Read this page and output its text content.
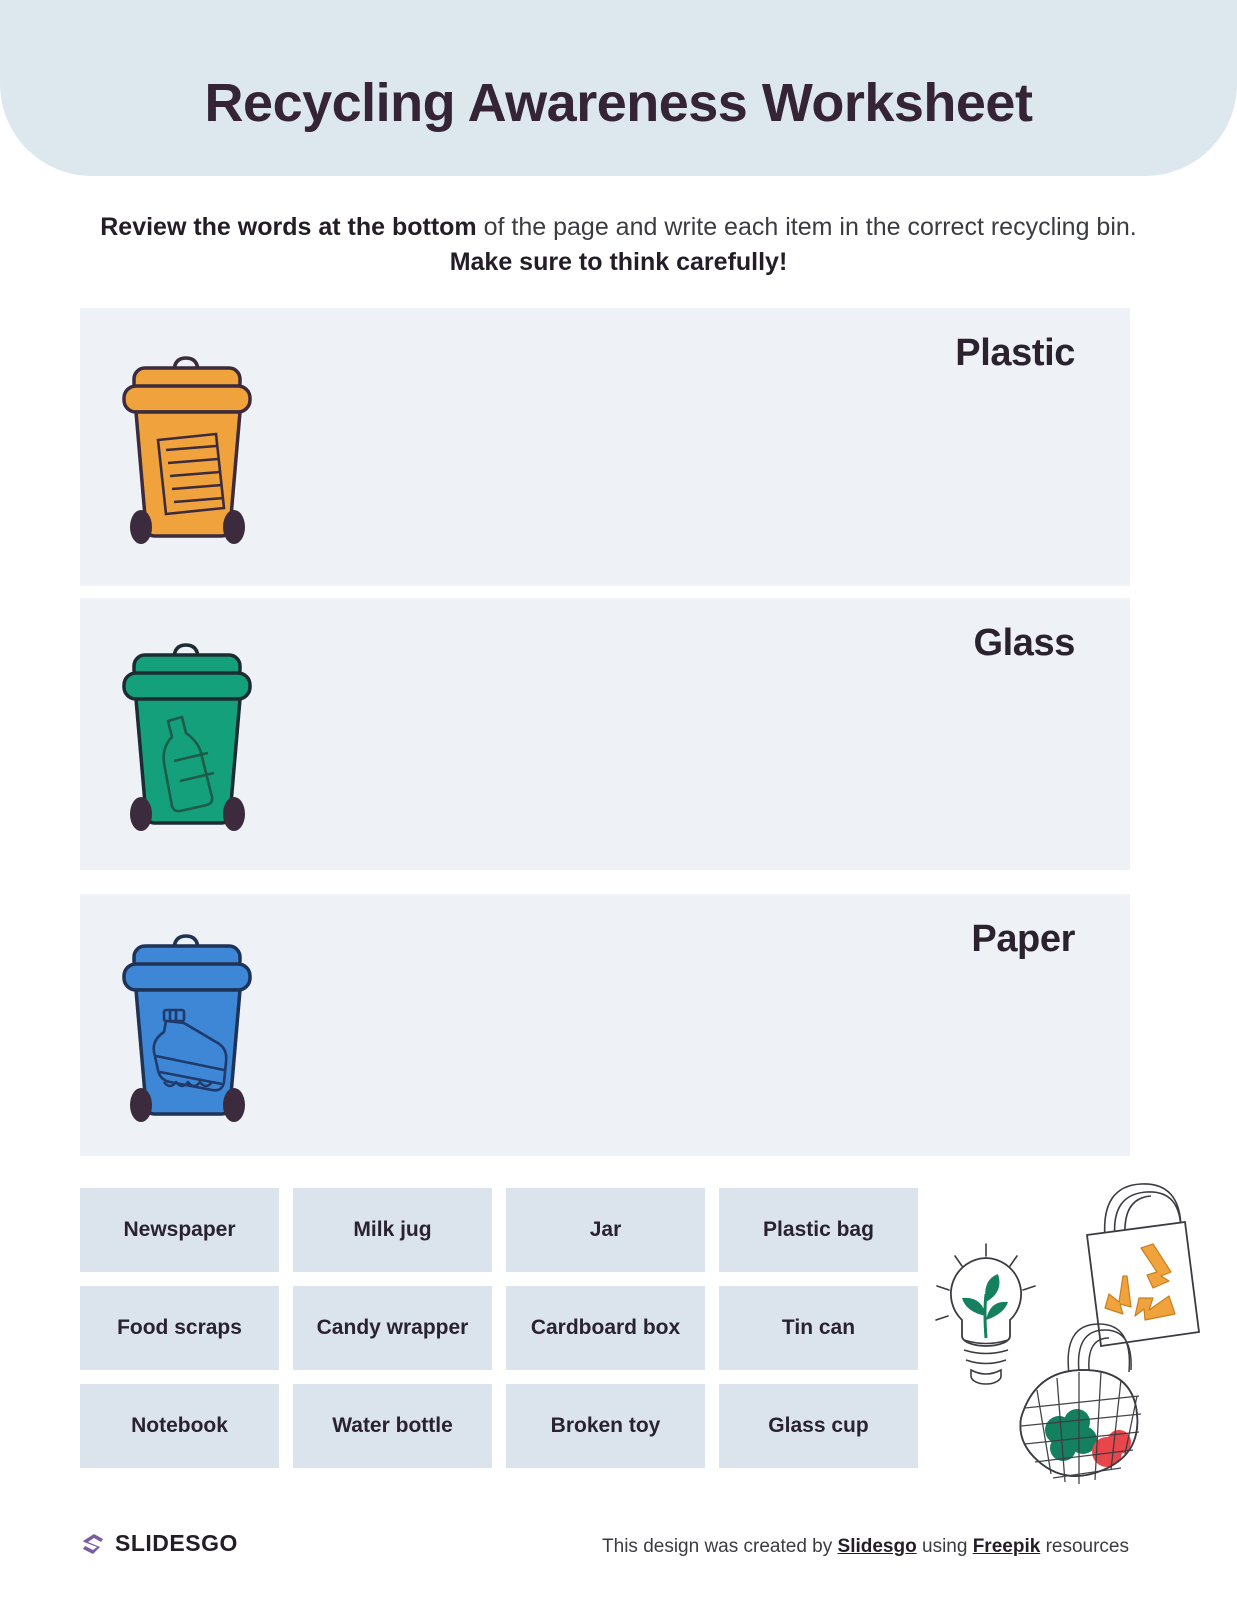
Recycling Awareness Worksheet
Review the words at the bottom of the page and write each item in the correct recycling bin. Make sure to think carefully!
Plastic
Glass
Paper
Newspaper	Milk jug	Jar	Plastic bag
Food scraps	Candy wrapper	Cardboard box	Tin can
Notebook	Water bottle	Broken toy	Glass cup
SLIDESGO	This design was created by Slidesgo using Freepik resources
